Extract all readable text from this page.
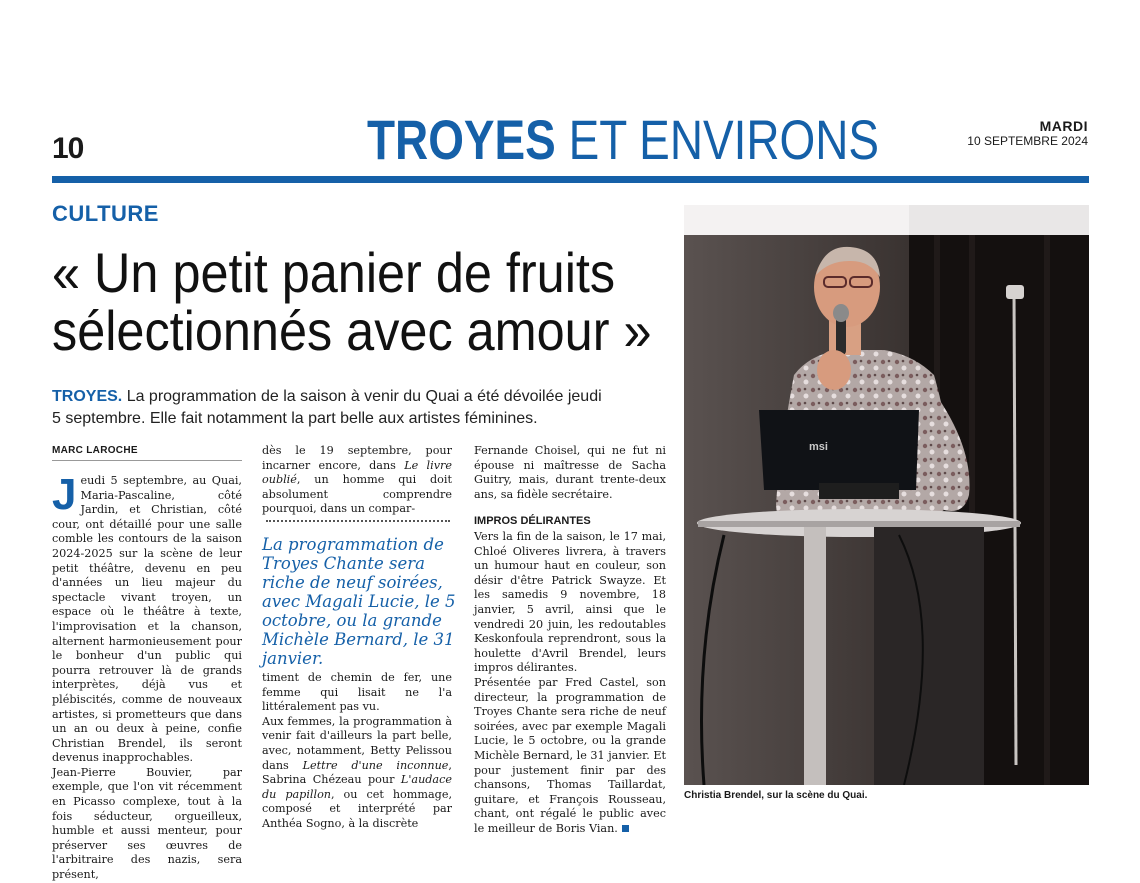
10	TROYES ET ENVIRONS	MARDI
10 SEPTEMBRE 2024
CULTURE
« Un petit panier de fruits
sélectionnés avec amour »
TROYES. La programmation de la saison à venir du Quai a été dévoilée jeudi 5 septembre. Elle fait notamment la part belle aux artistes féminines.
MARC LAROCHE
Jeudi 5 septembre, au Quai, Maria-Pascaline, côté Jardin, et Christian, côté cour, ont détaillé pour une salle comble les contours de la saison 2024-2025 sur la scène de leur petit théâtre, devenu en peu d'années un lieu majeur du spectacle vivant troyen, un espace où le théâtre à texte, l'improvisation et la chanson, alternent harmonieusement pour le bonheur d'un public qui pourra retrouver là de grands interprètes, déjà vus et plébiscités, comme de nouveaux artistes, si prometteurs que dans un an ou deux à peine, confie Christian Brendel, ils seront devenus inapprochables.
Jean-Pierre Bouvier, par exemple, que l'on vit récemment en Picasso complexe, tout à la fois séducteur, orgueilleux, humble et aussi menteur, pour préserver ses œuvres de l'arbitraire des nazis, sera présent,
dès le 19 septembre, pour incarner encore, dans Le livre oublié, un homme qui doit absolument comprendre pourquoi, dans un compar-
La programmation de Troyes Chante sera riche de neuf soirées, avec Magali Lucie, le 5 octobre, ou la grande Michèle Bernard, le 31 janvier.
timent de chemin de fer, une femme qui lisait ne l'a littéralement pas vu.
Aux femmes, la programmation à venir fait d'ailleurs la part belle, avec, notamment, Betty Pelissou dans Lettre d'une inconnue, Sabrina Chézeau pour L'audace du papillon, ou cet hommage, composé et interprété par Anthéa Sogno, à la discrète
Fernande Choisel, qui ne fut ni épouse ni maîtresse de Sacha Guitry, mais, durant trente-deux ans, sa fidèle secrétaire.
IMPROS DÉLIRANTES
Vers la fin de la saison, le 17 mai, Chloé Oliveres livrera, à travers un humour haut en couleur, son désir d'être Patrick Swayze. Et les samedis 9 novembre, 18 janvier, 5 avril, ainsi que le vendredi 20 juin, les redoutables Keskonfoula reprendront, sous la houlette d'Avril Brendel, leurs impros délirantes.
Présentée par Fred Castel, son directeur, la programmation de Troyes Chante sera riche de neuf soirées, avec par exemple Magali Lucie, le 5 octobre, ou la grande Michèle Bernard, le 31 janvier. Et pour justement finir par des chansons, Thomas Taillardat, guitare, et François Rousseau, chant, ont régalé le public avec le meilleur de Boris Vian.
msi
Christia Brendel, sur la scène du Quai.
